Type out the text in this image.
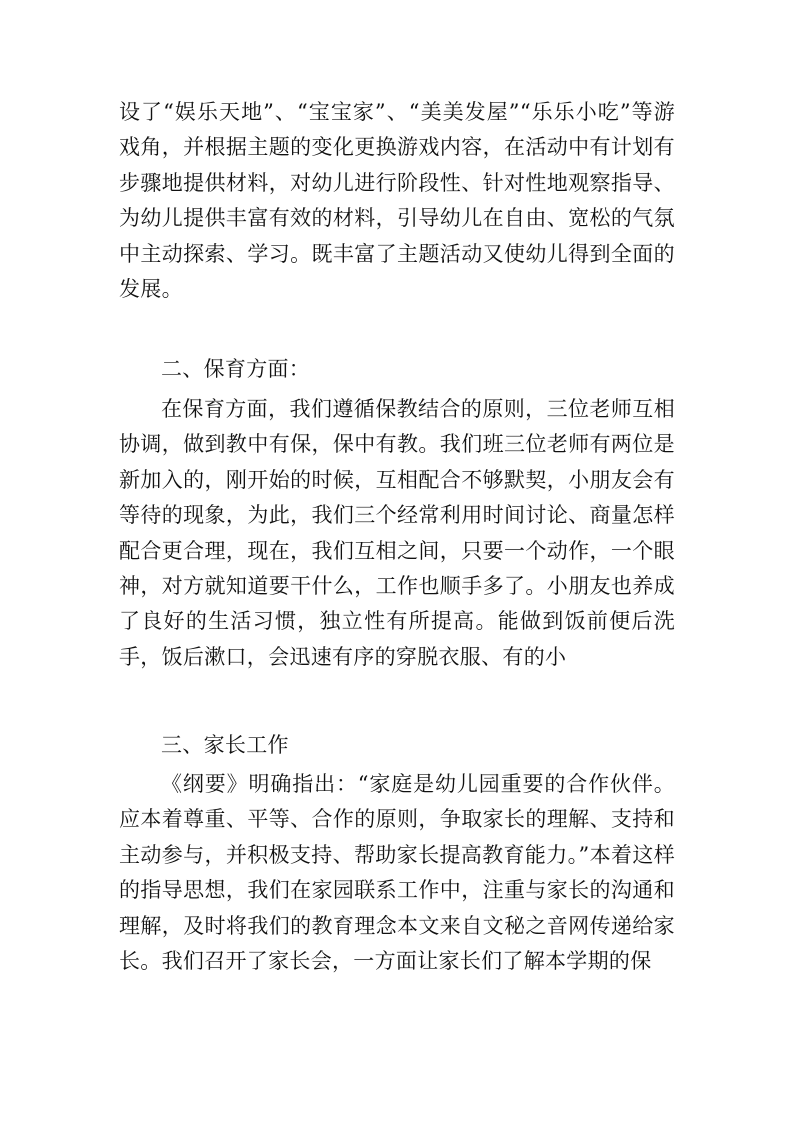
设了“娱乐天地”、“宝宝家”、“美美发屋”“乐乐小吃”等游戏角，并根据主题的变化更换游戏内容，在活动中有计划有步骤地提供材料，对幼儿进行阶段性、针对性地观察指导、为幼儿提供丰富有效的材料，引导幼儿在自由、宽松的气氛中主动探索、学习。既丰富了主题活动又使幼儿得到全面的发展。

二、保育方面：

在保育方面，我们遵循保教结合的原则，三位老师互相协调，做到教中有保，保中有教。我们班三位老师有两位是新加入的，刚开始的时候，互相配合不够默契，小朋友会有等待的现象，为此，我们三个经常利用时间讨论、商量怎样配合更合理，现在，我们互相之间，只要一个动作，一个眼神，对方就知道要干什么，工作也顺手多了。小朋友也养成了良好的生活习惯，独立性有所提高。能做到饭前便后洗手，饭后漱口，会迅速有序的穿脱衣服、有的小

三、家长工作

《纲要》明确指出：“家庭是幼儿园重要的合作伙伴。应本着尊重、平等、合作的原则，争取家长的理解、支持和主动参与，并积极支持、帮助家长提高教育能力。”本着这样的指导思想，我们在家园联系工作中，注重与家长的沟通和理解，及时将我们的教育理念本文来自文秘之音网传递给家长。我们召开了家长会，一方面让家长们了解本学期的保
